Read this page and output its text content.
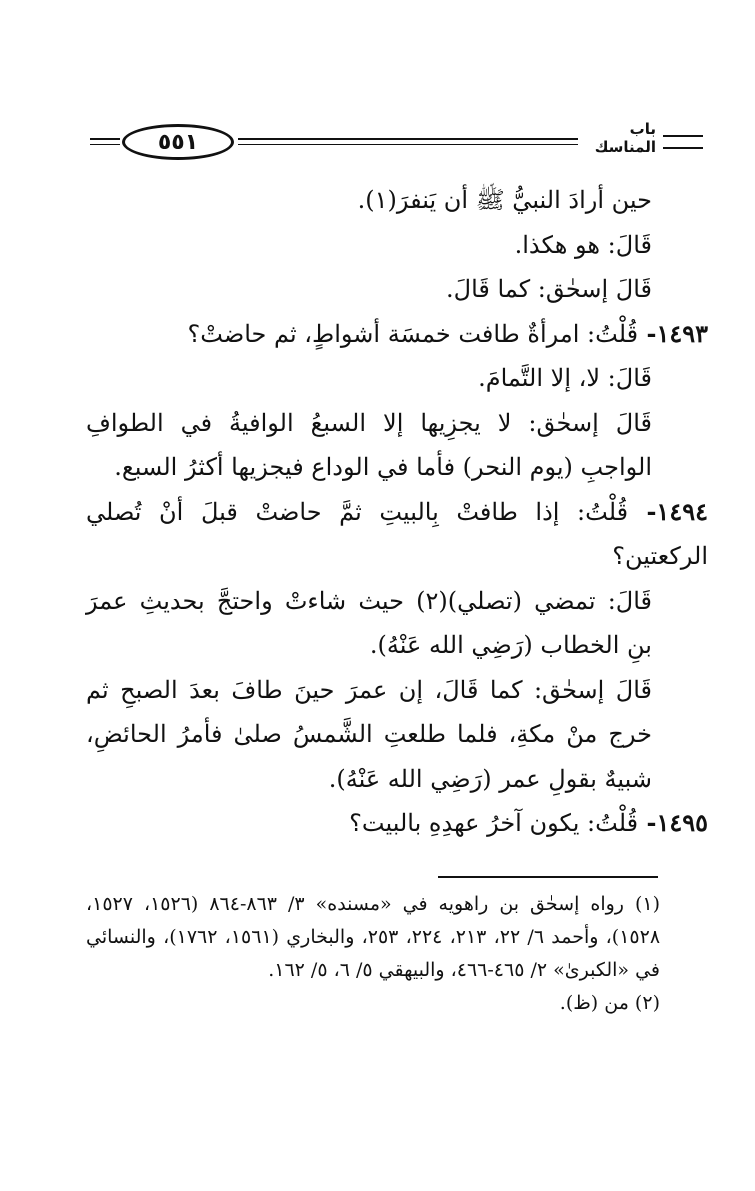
٥٥١
باب المناسك

حين أرادَ النبيُّ ﷺ أن يَنفرَ(١).

قَالَ: هو هكذا.

قَالَ إسحٰق: كما قَالَ.

١٤٩٣- قُلْتُ: امرأةٌ طافت خمسَة أشواطٍ، ثم حاضتْ؟

قَالَ: لا، إلا التَّمامَ.

قَالَ إسحٰق: لا يجزِيها إلا السبعُ الوافيةُ في الطوافِ الواجبِ (يوم النحر) فأما في الوداع فيجزيها أكثرُ السبع.

١٤٩٤- قُلْتُ: إذا طافتْ بِالبيتِ ثمَّ حاضتْ قبلَ أنْ تُصلي الركعتين؟

قَالَ: تمضي (تصلي)(٢) حيث شاءتْ واحتجَّ بحديثِ عمرَ بنِ الخطاب (رَضِي الله عَنْهُ).

قَالَ إسحٰق: كما قَالَ، إن عمرَ حينَ طافَ بعدَ الصبحِ ثم خرج منْ مكةِ، فلما طلعتِ الشَّمسُ صلىٰ فأمرُ الحائضِ، شبيهٌ بقولِ عمر (رَضِي الله عَنْهُ).

١٤٩٥- قُلْتُ: يكون آخرُ عهدِهِ بالبيت؟

(١) رواه إسحٰق بن راهويه في «مسنده» ٣/ ٨٦٣-٨٦٤ (١٥٢٦، ١٥٢٧، ١٥٢٨)، وأحمد ٦/ ٢٢، ٢١٣، ٢٢٤، ٢٥٣، والبخاري (١٥٦١، ١٧٦٢)، والنسائي في «الكبرىٰ» ٢/ ٤٦٥-٤٦٦، والبيهقي ٥/ ٦، ٥/ ١٦٢.

(٢) من (ظ).
